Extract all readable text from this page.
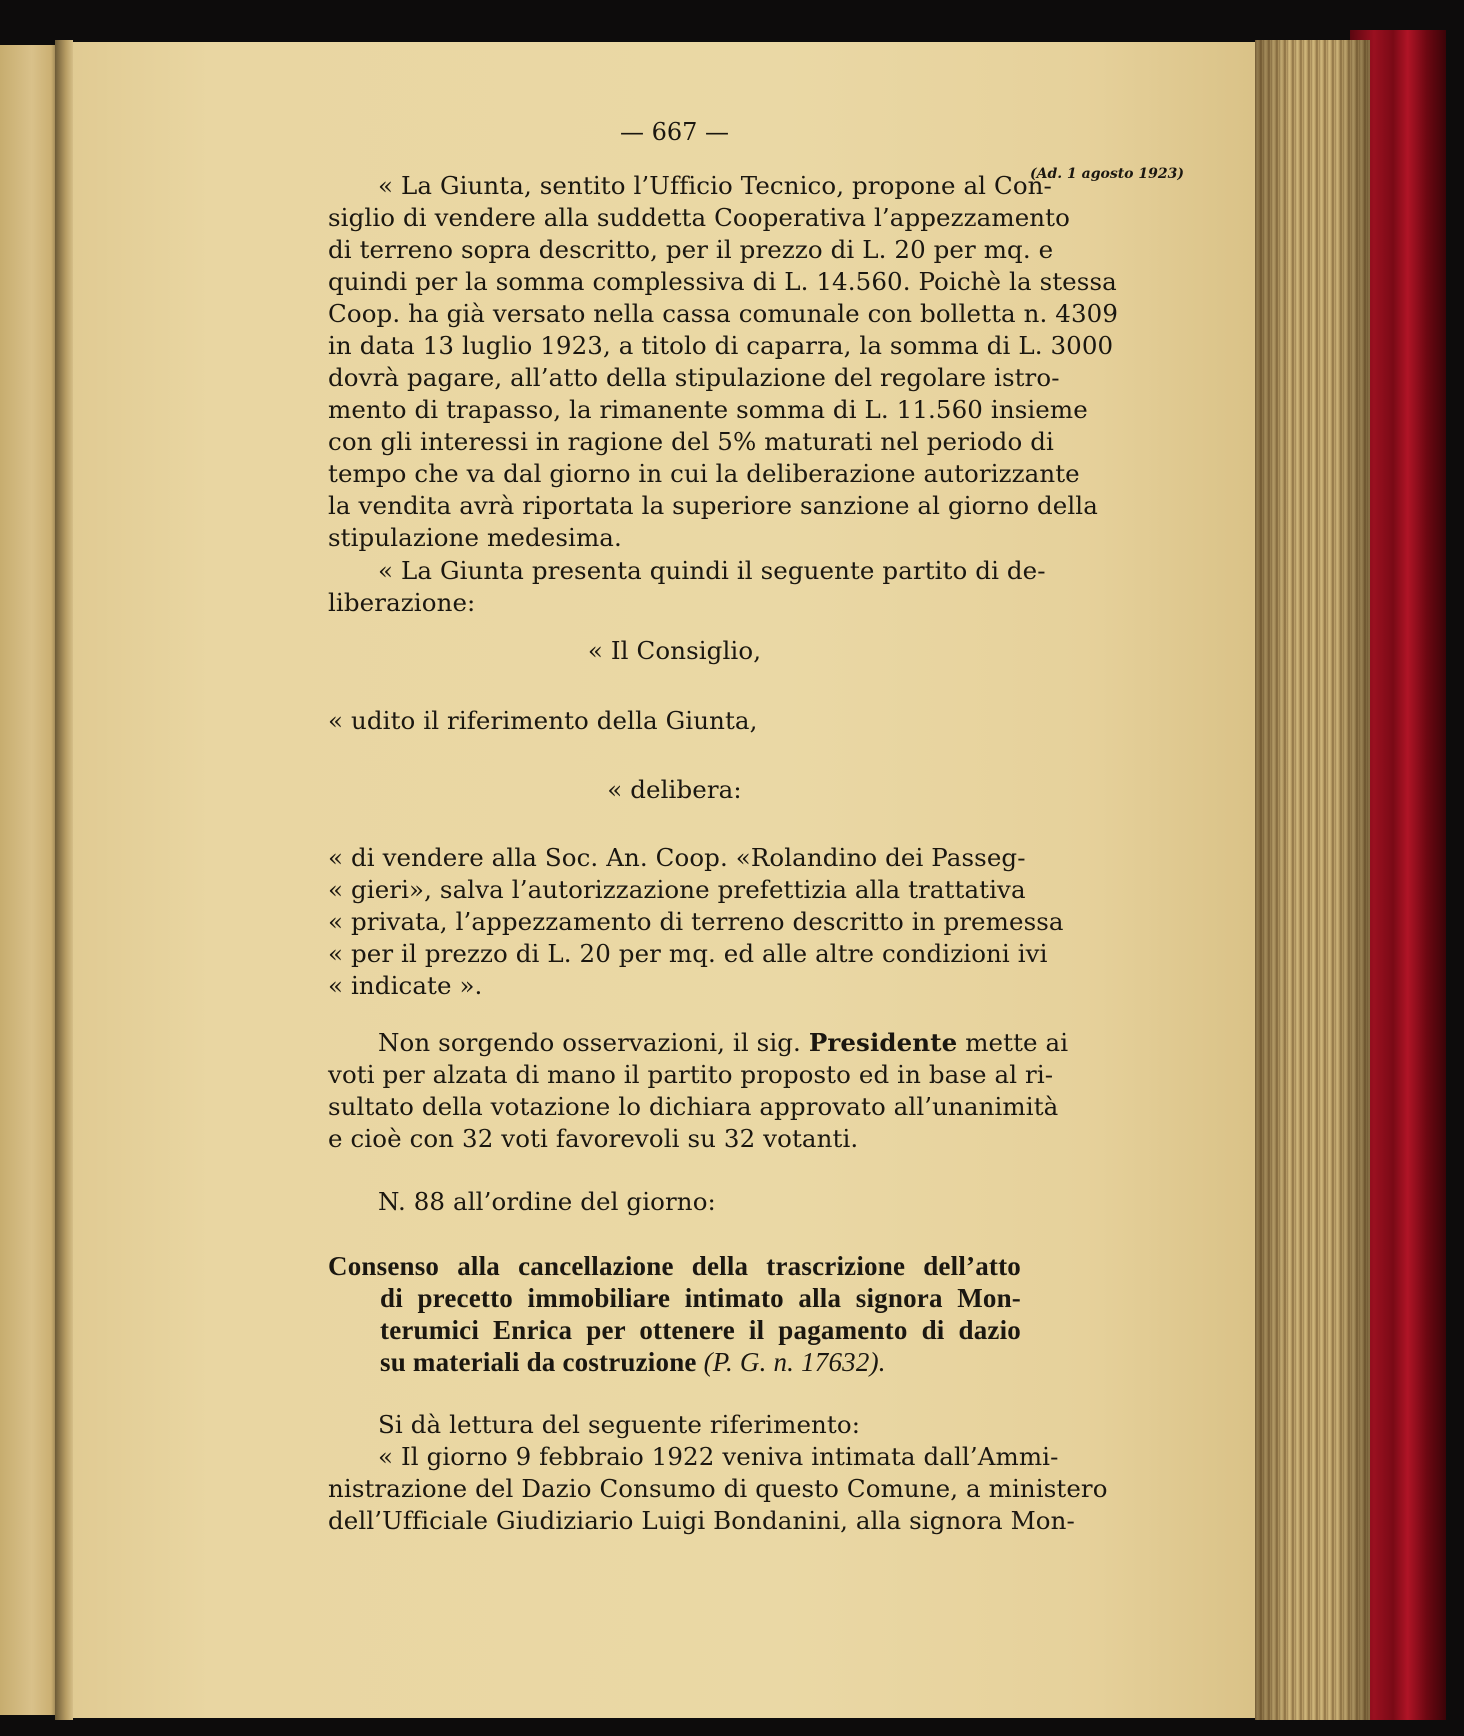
(Ad. 1 agosto 1923)
— 667 —
« La Giunta, sentito l’Ufficio Tecnico, propone al Con-
siglio di vendere alla suddetta Cooperativa l’appezzamento
di terreno sopra descritto, per il prezzo di L. 20 per mq. e
quindi per la somma complessiva di L. 14.560. Poichè la stessa
Coop. ha già versato nella cassa comunale con bolletta n. 4309
in data 13 luglio 1923, a titolo di caparra, la somma di L. 3000
dovrà pagare, all’atto della stipulazione del regolare istro-
mento di trapasso, la rimanente somma di L. 11.560 insieme
con gli interessi in ragione del 5% maturati nel periodo di
tempo che va dal giorno in cui la deliberazione autorizzante
la vendita avrà riportata la superiore sanzione al giorno della
stipulazione medesima.
« La Giunta presenta quindi il seguente partito di de-
liberazione:
« Il Consiglio,
« udito il riferimento della Giunta,
« delibera:
« di vendere alla Soc. An. Coop. «Rolandino dei Passeg-
« gieri», salva l’autorizzazione prefettizia alla trattativa
« privata, l’appezzamento di terreno descritto in premessa
« per il prezzo di L. 20 per mq. ed alle altre condizioni ivi
« indicate ».
Non sorgendo osservazioni, il sig. Presidente mette ai
voti per alzata di mano il partito proposto ed in base al ri-
sultato della votazione lo dichiara approvato all’unanimità
e cioè con 32 voti favorevoli su 32 votanti.
N. 88 all’ordine del giorno:
Consenso alla cancellazione della trascrizione dell’atto
di precetto immobiliare intimato alla signora Mon-
terumici Enrica per ottenere il pagamento di dazio
su materiali da costruzione (P. G. n. 17632).
Si dà lettura del seguente riferimento:
« Il giorno 9 febbraio 1922 veniva intimata dall’Ammi-
nistrazione del Dazio Consumo di questo Comune, a ministero
dell’Ufficiale Giudiziario Luigi Bondanini, alla signora Mon-
